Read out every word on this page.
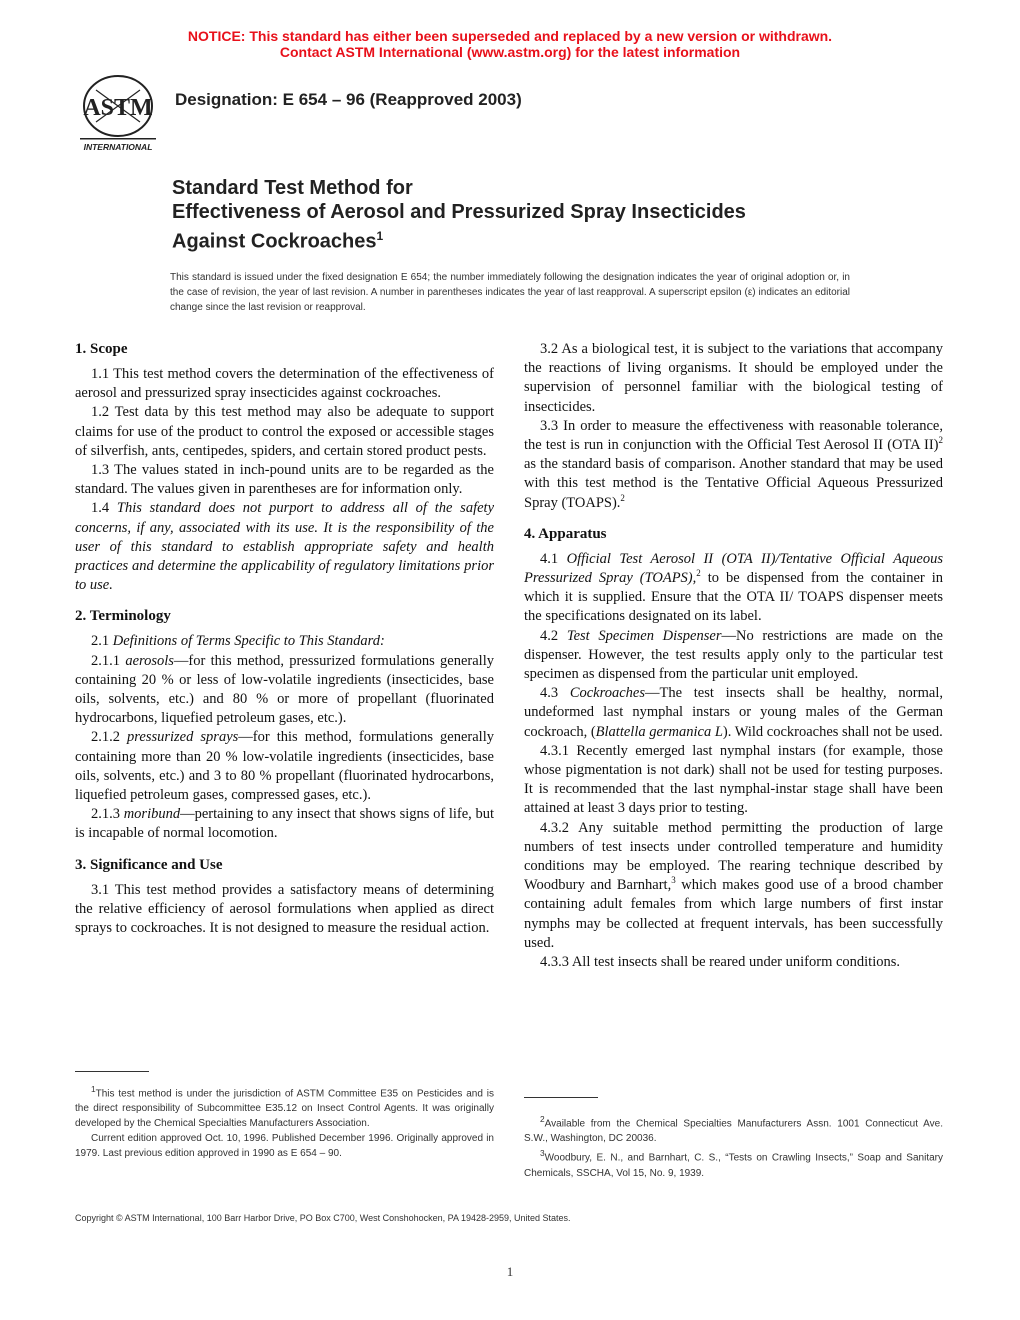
NOTICE: This standard has either been superseded and replaced by a new version or withdrawn.
Contact ASTM International (www.astm.org) for the latest information
ASTM
INTERNATIONAL
Designation: E 654 – 96 (Reapproved 2003)
Standard Test Method for
Effectiveness of Aerosol and Pressurized Spray Insecticides
Against Cockroaches$^1$
This standard is issued under the fixed designation E 654; the number immediately following the designation indicates the year of original adoption or, in the case of revision, the year of last revision. A number in parentheses indicates the year of last reapproval. A superscript epsilon (ε) indicates an editorial change since the last revision or reapproval.
1. Scope

1.1 This test method covers the determination of the effectiveness of aerosol and pressurized spray insecticides against cockroaches.

1.2 Test data by this test method may also be adequate to support claims for use of the product to control the exposed or accessible stages of silverfish, ants, centipedes, spiders, and certain stored product pests.

1.3 The values stated in inch-pound units are to be regarded as the standard. The values given in parentheses are for information only.

1.4 This standard does not purport to address all of the safety concerns, if any, associated with its use. It is the responsibility of the user of this standard to establish appropriate safety and health practices and determine the applicability of regulatory limitations prior to use.

2. Terminology

2.1 Definitions of Terms Specific to This Standard:

2.1.1 aerosols—for this method, pressurized formulations generally containing 20 % or less of low-volatile ingredients (insecticides, base oils, solvents, etc.) and 80 % or more of propellant (fluorinated hydrocarbons, liquefied petroleum gases, etc.).

2.1.2 pressurized sprays—for this method, formulations generally containing more than 20 % low-volatile ingredients (insecticides, base oils, solvents, etc.) and 3 to 80 % propellant (fluorinated hydrocarbons, liquefied petroleum gases, compressed gases, etc.).

2.1.3 moribund—pertaining to any insect that shows signs of life, but is incapable of normal locomotion.

3. Significance and Use

3.1 This test method provides a satisfactory means of determining the relative efficiency of aerosol formulations when applied as direct sprays to cockroaches. It is not designed to measure the residual action.

3.2 As a biological test, it is subject to the variations that accompany the reactions of living organisms. It should be employed under the supervision of personnel familiar with the biological testing of insecticides.

3.3 In order to measure the effectiveness with reasonable tolerance, the test is run in conjunction with the Official Test Aerosol II (OTA II)$^2$ as the standard basis of comparison. Another standard that may be used with this test method is the Tentative Official Aqueous Pressurized Spray (TOAPS).$^2$

4. Apparatus

4.1 Official Test Aerosol II (OTA II)/Tentative Official Aqueous Pressurized Spray (TOAPS),$^2$ to be dispensed from the container in which it is supplied. Ensure that the OTA II/ TOAPS dispenser meets the specifications designated on its label.

4.2 Test Specimen Dispenser—No restrictions are made on the dispenser. However, the test results apply only to the particular test specimen as dispensed from the particular unit employed.

4.3 Cockroaches—The test insects shall be healthy, normal, undeformed last nymphal instars or young males of the German cockroach, (Blattella germanica L). Wild cockroaches shall not be used.

4.3.1 Recently emerged last nymphal instars (for example, those whose pigmentation is not dark) shall not be used for testing purposes. It is recommended that the last nymphal-instar stage shall have been attained at least 3 days prior to testing.

4.3.2 Any suitable method permitting the production of large numbers of test insects under controlled temperature and humidity conditions may be employed. The rearing technique described by Woodbury and Barnhart,$^3$ which makes good use of a brood chamber containing adult females from which large numbers of first instar nymphs may be collected at frequent intervals, has been successfully used.

4.3.3 All test insects shall be reared under uniform conditions.

$^1$This test method is under the jurisdiction of ASTM Committee E35 on Pesticides and is the direct responsibility of Subcommittee E35.12 on Insect Control Agents. It was originally developed by the Chemical Specialties Manufacturers Association.

Current edition approved Oct. 10, 1996. Published December 1996. Originally approved in 1979. Last previous edition approved in 1990 as E 654 – 90.

$^2$Available from the Chemical Specialties Manufacturers Assn. 1001 Connecticut Ave. S.W., Washington, DC 20036.

$^3$Woodbury, E. N., and Barnhart, C. S., “Tests on Crawling Insects,” Soap and Sanitary Chemicals, SSCHA, Vol 15, No. 9, 1939.

Copyright © ASTM International, 100 Barr Harbor Drive, PO Box C700, West Conshohocken, PA 19428-2959, United States.
1
